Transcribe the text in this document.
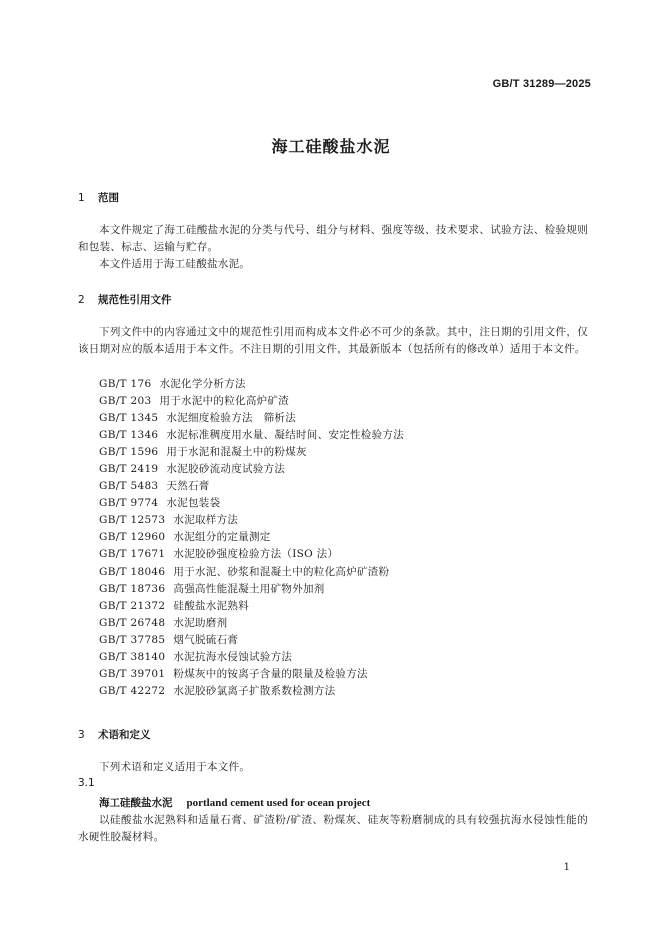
GB/T 31289—2025
海工硅酸盐水泥
1 范围
本文件规定了海工硅酸盐水泥的分类与代号、组分与材料、强度等级、技术要求、试验方法、检验规则和包装、标志、运输与贮存。
本文件适用于海工硅酸盐水泥。
2 规范性引用文件
下列文件中的内容通过文中的规范性引用而构成本文件必不可少的条款。其中，注日期的引用文件，仅该日期对应的版本适用于本文件。不注日期的引用文件，其最新版本（包括所有的修改单）适用于本文件。
GB/T 176 水泥化学分析方法
GB/T 203 用于水泥中的粒化高炉矿渣
GB/T 1345 水泥细度检验方法　筛析法
GB/T 1346 水泥标准稠度用水量、凝结时间、安定性检验方法
GB/T 1596 用于水泥和混凝土中的粉煤灰
GB/T 2419 水泥胶砂流动度试验方法
GB/T 5483 天然石膏
GB/T 9774 水泥包装袋
GB/T 12573 水泥取样方法
GB/T 12960 水泥组分的定量测定
GB/T 17671 水泥胶砂强度检验方法（ISO 法）
GB/T 18046 用于水泥、砂浆和混凝土中的粒化高炉矿渣粉
GB/T 18736 高强高性能混凝土用矿物外加剂
GB/T 21372 硅酸盐水泥熟料
GB/T 26748 水泥助磨剂
GB/T 37785 烟气脱硫石膏
GB/T 38140 水泥抗海水侵蚀试验方法
GB/T 39701 粉煤灰中的铵离子含量的限量及检验方法
GB/T 42272 水泥胶砂氯离子扩散系数检测方法
3 术语和定义
下列术语和定义适用于本文件。
3.1
海工硅酸盐水泥 portland cement used for ocean project
以硅酸盐水泥熟料和适量石膏、矿渣粉/矿渣、粉煤灰、硅灰等粉磨制成的具有较强抗海水侵蚀性能的水硬性胶凝材料。
1
